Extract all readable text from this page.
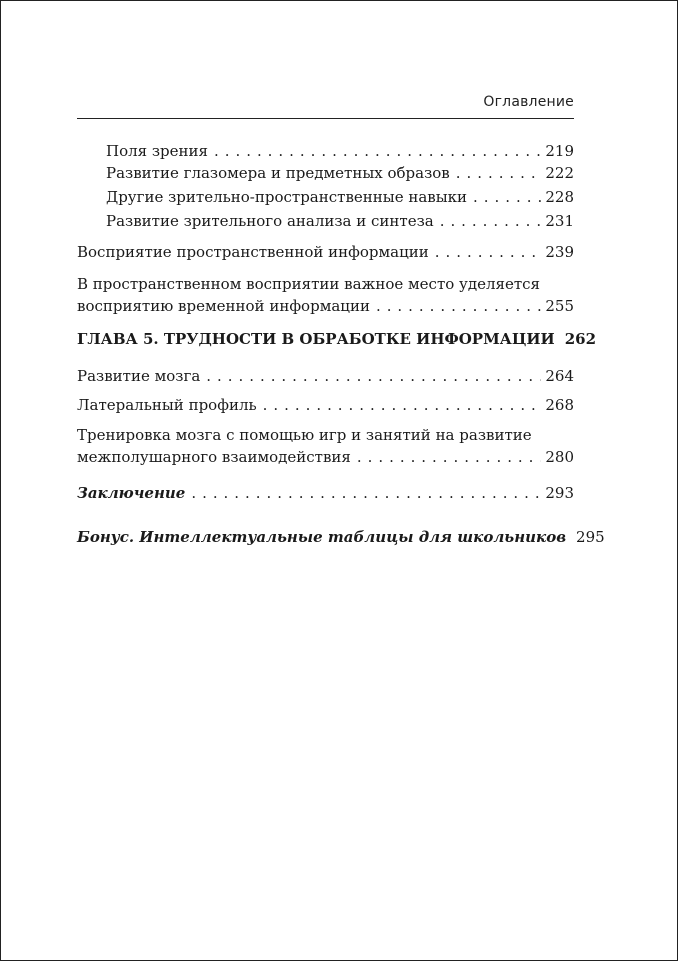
Оглавление
Поля зрения . . .	219
Развитие глазомера и предметных образов . . .	222
Другие зрительно-пространственные навыки . . .	228
Развитие зрительного анализа и синтеза . . .	231
Восприятие пространственной информации . . .	239
В пространственном восприятии важное место уделяется
восприятию временной информации . . .	255
ГЛАВА 5. ТРУДНОСТИ В ОБРАБОТКЕ ИНФОРМАЦИИ 262
Развитие мозга . . .	264
Латеральный профиль . . .	268
Тренировка мозга с помощью игр и занятий на развитие
межполушарного взаимодействия . . .	280
Заключение . . .	293
Бонус. Интеллектуальные таблицы для школьников 295
